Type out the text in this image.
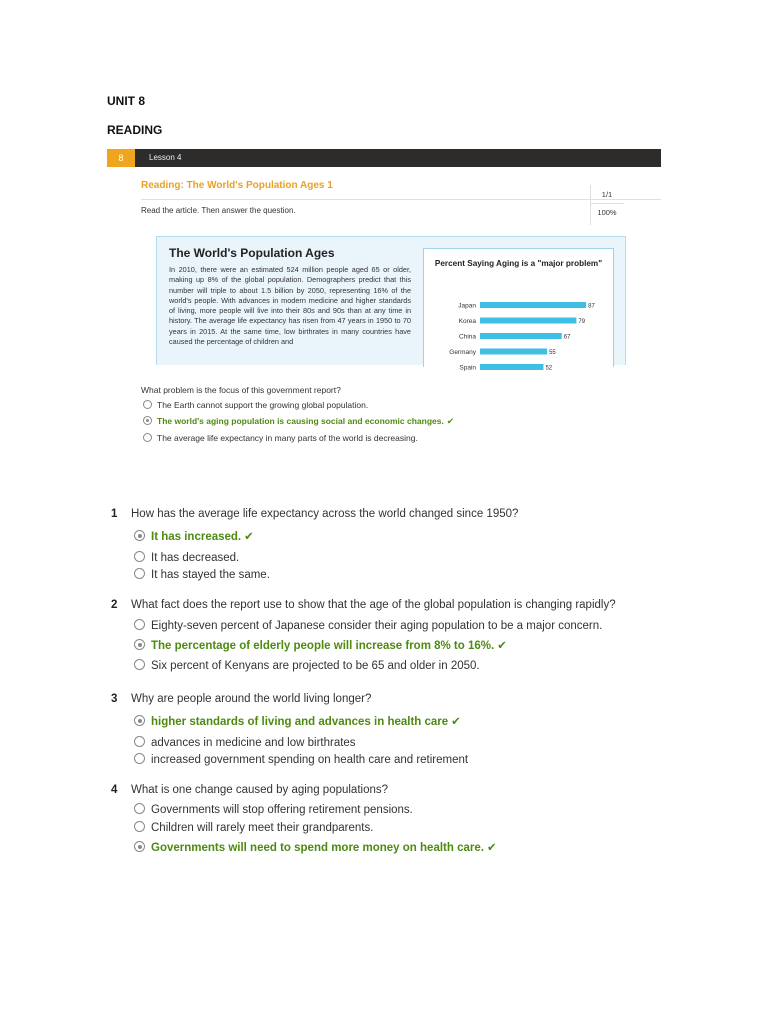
UNIT 8
READING
8	Lesson 4
Reading: The World's Population Ages 1
Read the article. Then answer the question.
1/1
100%
The World's Population Ages
In 2010, there were an estimated 524 million people aged 65 or older, making up 8% of the global population. Demographers predict that this number will triple to about 1.5 billion by 2050, representing 16% of the world's people. With advances in modern medicine and higher standards of living, more people will live into their 80s and 90s than at any time in history. The average life expectancy has risen from 47 years in 1950 to 70 years in 2015. At the same time, low birthrates in many countries have caused the percentage of children and
Percent Saying Aging is a "major problem"
Japan	87
Korea	79
China	67
Germany	55
Spain	52
What problem is the focus of this government report?
The Earth cannot support the growing global population.
The world's aging population is causing social and economic changes. ✔
The average life expectancy in many parts of the world is decreasing.
1 How has the average life expectancy across the world changed since 1950?
It has increased. ✔
It has decreased.
It has stayed the same.
2 What fact does the report use to show that the age of the global population is changing rapidly?
Eighty-seven percent of Japanese consider their aging population to be a major concern.
The percentage of elderly people will increase from 8% to 16%. ✔
Six percent of Kenyans are projected to be 65 and older in 2050.
3 Why are people around the world living longer?
higher standards of living and advances in health care ✔
advances in medicine and low birthrates
increased government spending on health care and retirement
4 What is one change caused by aging populations?
Governments will stop offering retirement pensions.
Children will rarely meet their grandparents.
Governments will need to spend more money on health care. ✔
